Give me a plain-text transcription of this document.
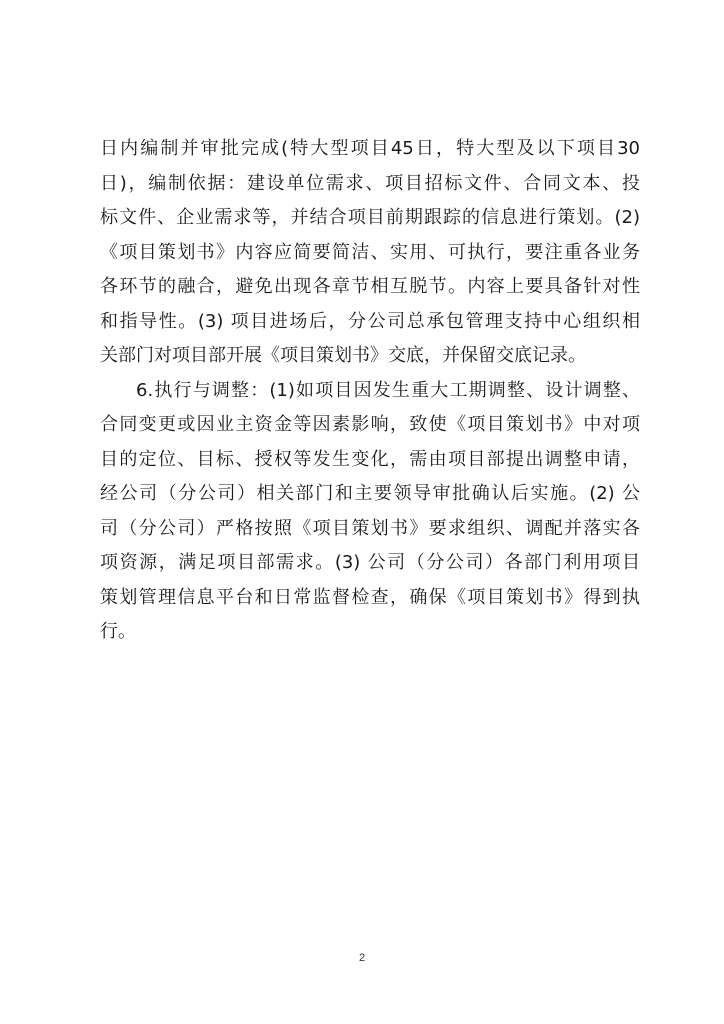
日内编制并审批完成(特大型项目45日，特大型及以下项目30
日)，编制依据：建设单位需求、项目招标文件、合同文本、投
标文件、企业需求等，并结合项目前期跟踪的信息进行策划。(2)
《项目策划书》内容应简要简洁、实用、可执行，要注重各业务
各环节的融合，避免出现各章节相互脱节。内容上要具备针对性
和指导性。(3) 项目进场后，分公司总承包管理支持中心组织相
关部门对项目部开展《项目策划书》交底，并保留交底记录。
6.执行与调整：(1)如项目因发生重大工期调整、设计调整、
合同变更或因业主资金等因素影响，致使《项目策划书》中对项
目的定位、目标、授权等发生变化，需由项目部提出调整申请，
经公司（分公司）相关部门和主要领导审批确认后实施。(2) 公
司（分公司）严格按照《项目策划书》要求组织、调配并落实各
项资源，满足项目部需求。(3) 公司（分公司）各部门利用项目
策划管理信息平台和日常监督检查，确保《项目策划书》得到执
行。
2
